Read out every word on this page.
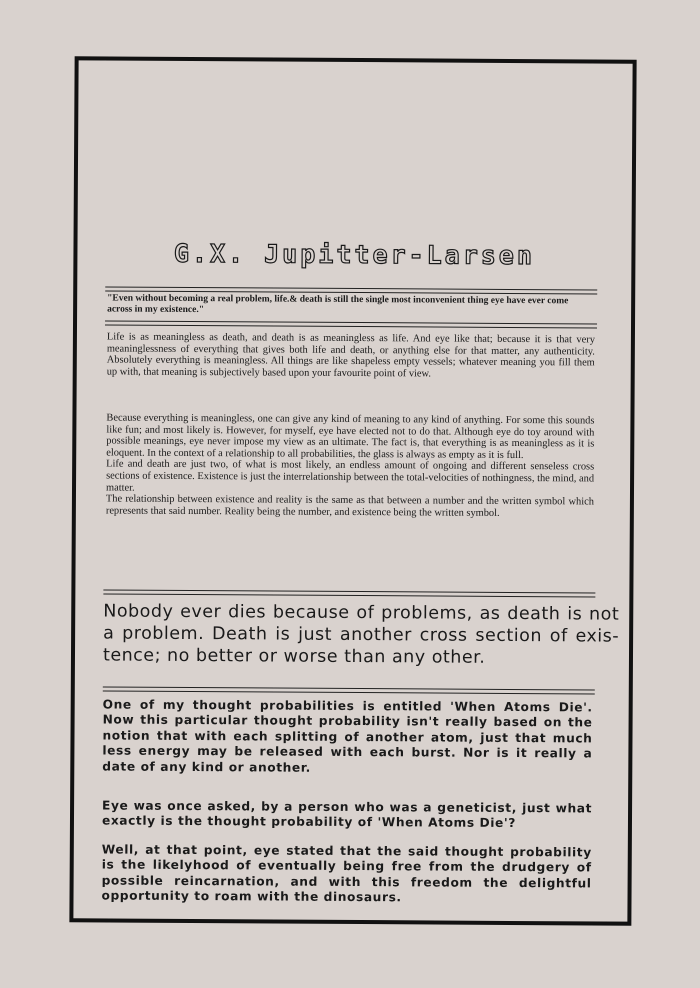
G.X. Jupitter-Larsen
"Even without becoming a real problem, life.& death is still the single most inconvenient thing eye have ever come across in my existence."

Life is as meaningless as death, and death is as meaningless as life. And eye like that; because it is that very meaninglessness of everything that gives both life and death, or anything else for that matter, any authenticity. Absolutely everything is meaningless. All things are like shapeless empty vessels; whatever meaning you fill them up with, that meaning is subjectively based upon your favourite point of view.

Because everything is meaningless, one can give any kind of meaning to any kind of anything. For some this sounds like fun; and most likely is. However, for myself, eye have elected not to do that. Although eye do toy around with possible meanings, eye never impose my view as an ultimate. The fact is, that everything is as meaningless as it is eloquent. In the context of a relationship to all probabilities, the glass is always as empty as it is full.

Life and death are just two, of what is most likely, an endless amount of ongoing and different senseless cross sections of existence. Existence is just the interrelationship between the total-velocities of nothingness, the mind, and matter.

The relationship between existence and reality is the same as that between a number and the written symbol which represents that said number. Reality being the number, and existence being the written symbol.

Nobody ever dies because of problems, as death is not a problem. Death is just another cross section of exis-tence; no better or worse than any other.

One of my thought probabilities is entitled 'When Atoms Die'. Now this particular thought probability isn't really based on the notion that with each splitting of another atom, just that much less energy may be released with each burst. Nor is it really a date of any kind or another.

Eye was once asked, by a person who was a geneticist, just what exactly is the thought probability of 'When Atoms Die'?

Well, at that point, eye stated that the said thought probability is the likelyhood of eventually being free from the drudgery of possible reincarnation, and with this freedom the delightful opportunity to roam with the dinosaurs.
